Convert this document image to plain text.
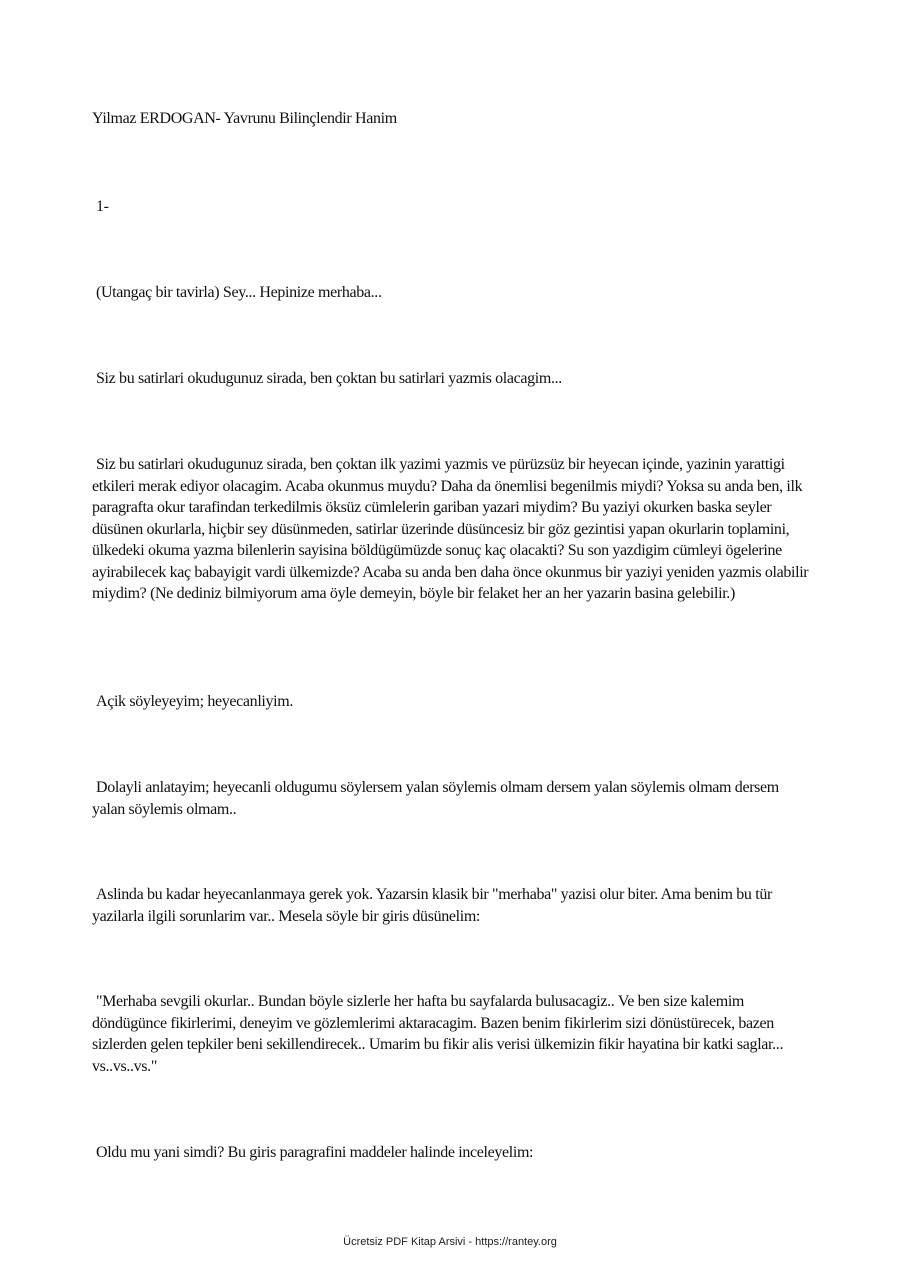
Yilmaz ERDOGAN- Yavrunu Bilinçlendir Hanim

1-

(Utangaç bir tavirla) Sey... Hepinize merhaba...

Siz bu satirlari okudugunuz sirada, ben çoktan bu satirlari yazmis olacagim...

Siz bu satirlari okudugunuz sirada, ben çoktan ilk yazimi yazmis ve pürüzsüz bir heyecan içinde, yazinin yarattigi etkileri merak ediyor olacagim. Acaba okunmus muydu? Daha da önemlisi begenilmis miydi? Yoksa su anda ben, ilk paragrafta okur tarafindan terkedilmis öksüz cümlelerin gariban yazari miydim? Bu yaziyi okurken baska seyler düsünen okurlarla, hiçbir sey düsünmeden, satirlar üzerinde düsüncesiz bir göz gezintisi yapan okurlarin toplamini, ülkedeki okuma yazma bilenlerin sayisina böldügümüzde sonuç kaç olacakti? Su son yazdigim cümleyi ögelerine ayirabilecek kaç babayigit vardi ülkemizde? Acaba su anda ben daha önce okunmus bir yaziyi yeniden yazmis olabilir miydim? (Ne dediniz bilmiyorum ama öyle demeyin, böyle bir felaket her an her yazarin basina gelebilir.)

Açik söyleyeyim; heyecanliyim.

Dolayli anlatayim; heyecanli oldugumu söylersem yalan söylemis olmam dersem yalan söylemis olmam dersem yalan söylemis olmam..

Aslinda bu kadar heyecanlanmaya gerek yok. Yazarsin klasik bir "merhaba" yazisi olur biter. Ama benim bu tür yazilarla ilgili sorunlarim var.. Mesela söyle bir giris düsünelim:

"Merhaba sevgili okurlar.. Bundan böyle sizlerle her hafta bu sayfalarda bulusacagiz.. Ve ben size kalemim döndügünce fikirlerimi, deneyim ve gözlemlerimi aktaracagim. Bazen benim fikirlerim sizi dönüstürecek, bazen sizlerden gelen tepkiler beni sekillendirecek.. Umarim bu fikir alis verisi ülkemizin fikir hayatina bir katki saglar... vs..vs..vs."

Oldu mu yani simdi? Bu giris paragrafini maddeler halinde inceleyelim:

Ücretsiz PDF Kitap Arsivi - https://rantey.org
